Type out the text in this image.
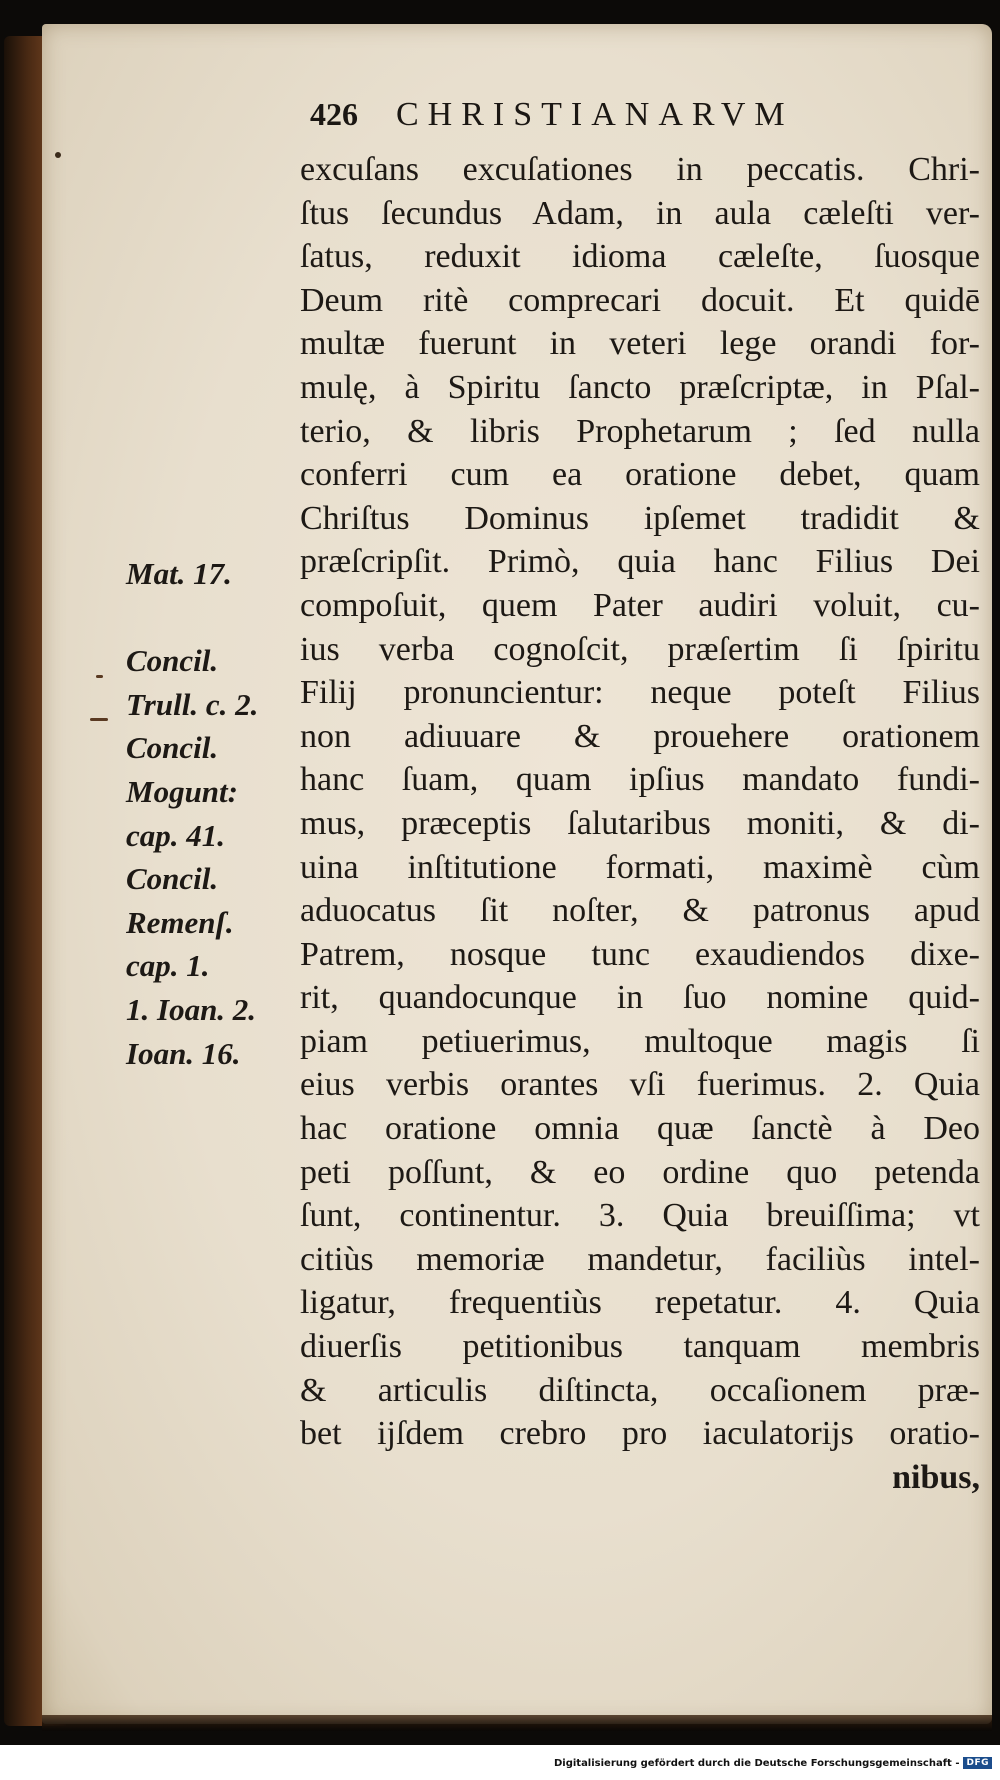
426 CHRISTIANARVM
excuſans excuſationes in peccatis. Chri-
ſtus ſecundus Adam, in aula cæleſti ver-
ſatus, reduxit idioma cæleſte, ſuosque
Deum ritè comprecari docuit. Et quidē
multæ fuerunt in veteri lege orandi for-
mulę, à Spiritu ſancto præſcriptæ, in Pſal-
terio, & libris Prophetarum ; ſed nulla
conferri cum ea oratione debet, quam
Chriſtus Dominus ipſemet tradidit &
præſcripſit. Primò, quia hanc Filius Dei
compoſuit, quem Pater audiri voluit, cu-
ius verba cognoſcit, præſertim ſi ſpiritu
Filij pronuncientur: neque poteſt Filius
non adiuuare & prouehere orationem
hanc ſuam, quam ipſius mandato fundi-
mus, præceptis ſalutaribus moniti, & di-
uina inſtitutione formati, maximè cùm
aduocatus ſit noſter, & patronus apud
Patrem, nosque tunc exaudiendos dixe-
rit, quandocunque in ſuo nomine quid-
piam petiuerimus, multoque magis ſi
eius verbis orantes vſi fuerimus. 2. Quia
hac oratione omnia quæ ſanctè à Deo
peti poſſunt, & eo ordine quo petenda
ſunt, continentur. 3. Quia breuiſſima; vt
citiùs memoriæ mandetur, faciliùs intel-
ligatur, frequentiùs repetatur. 4. Quia
diuerſis petitionibus tanquam membris
& articulis diſtincta, occaſionem præ-
bet ijſdem crebro pro iaculatorijs oratio-
nibus,
Mat. 17.
Concil.
Trull. c. 2.
Concil.
Mogunt:
cap. 41.
Concil.
Remenſ.
cap. 1.
1. Ioan. 2.
Ioan. 16.
Digitalisierung gefördert durch die Deutsche Forschungsgemeinschaft - DFG
